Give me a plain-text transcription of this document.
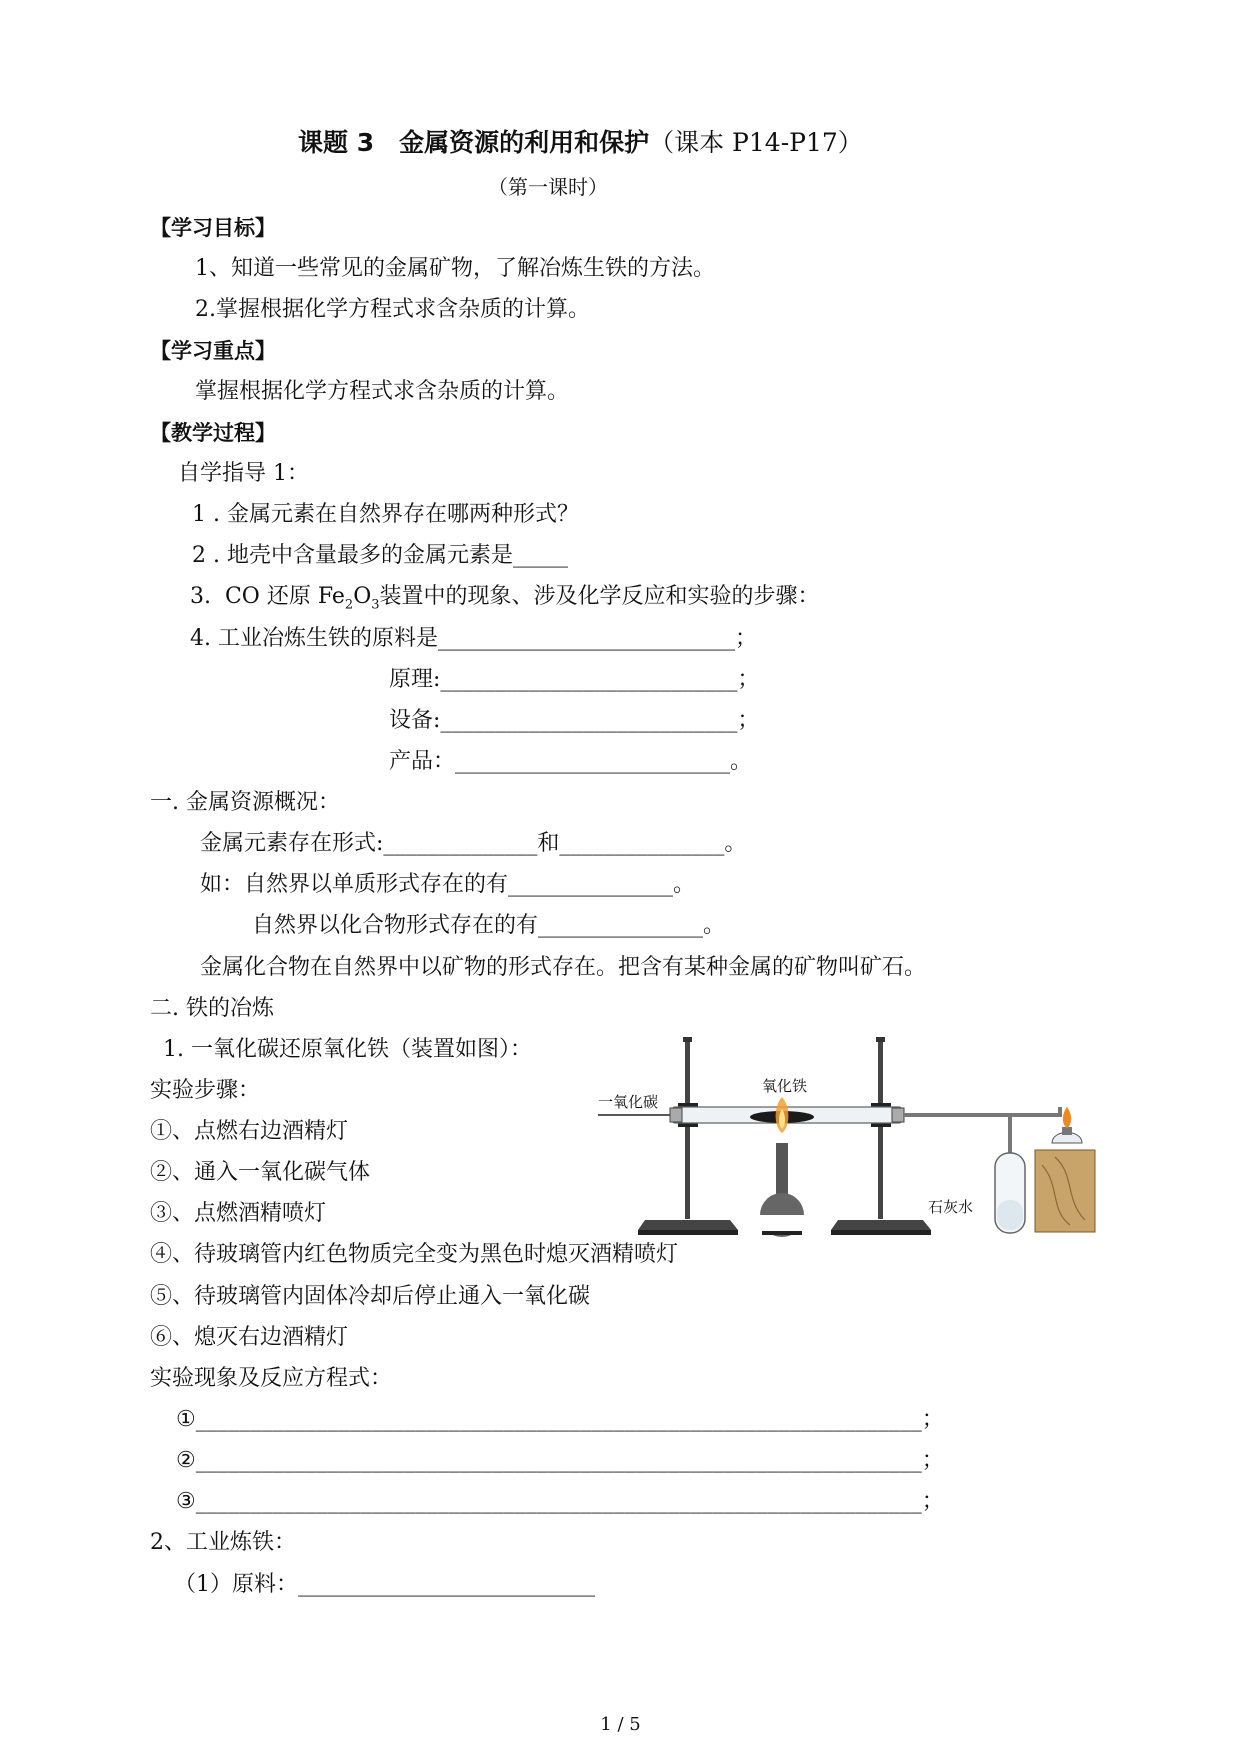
课题 3　金属资源的利用和保护（课本 P14-P17）
（第一课时）
【学习目标】
1、知道一些常见的金属矿物，了解冶炼生铁的方法。
2.掌握根据化学方程式求含杂质的计算。
【学习重点】
掌握根据化学方程式求含杂质的计算。
【教学过程】
自学指导 1：
1 . 金属元素在自然界存在哪两种形式？
2 . 地壳中含量最多的金属元素是_____
3.  CO 还原 $Fe_2O_3$装置中的现象、涉及化学反应和实验的步骤：
4. 工业冶炼生铁的原料是___________________________；
原理:___________________________；
设备:___________________________；
产品：_________________________。
一. 金属资源概况：
金属元素存在形式:______________和_______________。
如：自然界以单质形式存在的有_______________。
自然界以化合物形式存在的有_______________。
金属化合物在自然界中以矿物的形式存在。把含有某种金属的矿物叫矿石。
二. 铁的冶炼
1. 一氧化碳还原氧化铁（装置如图）：
实验步骤：
①、点燃右边酒精灯
②、通入一氧化碳气体
③、点燃酒精喷灯
④、待玻璃管内红色物质完全变为黑色时熄灭酒精喷灯
⑤、待玻璃管内固体冷却后停止通入一氧化碳
⑥、熄灭右边酒精灯
实验现象及反应方程式：
①__________________________________________________________________；
②__________________________________________________________________；
③__________________________________________________________________；
2、工业炼铁：
（1）原料：___________________________
一氧化碳
氧化铁
石灰水
1 / 5
